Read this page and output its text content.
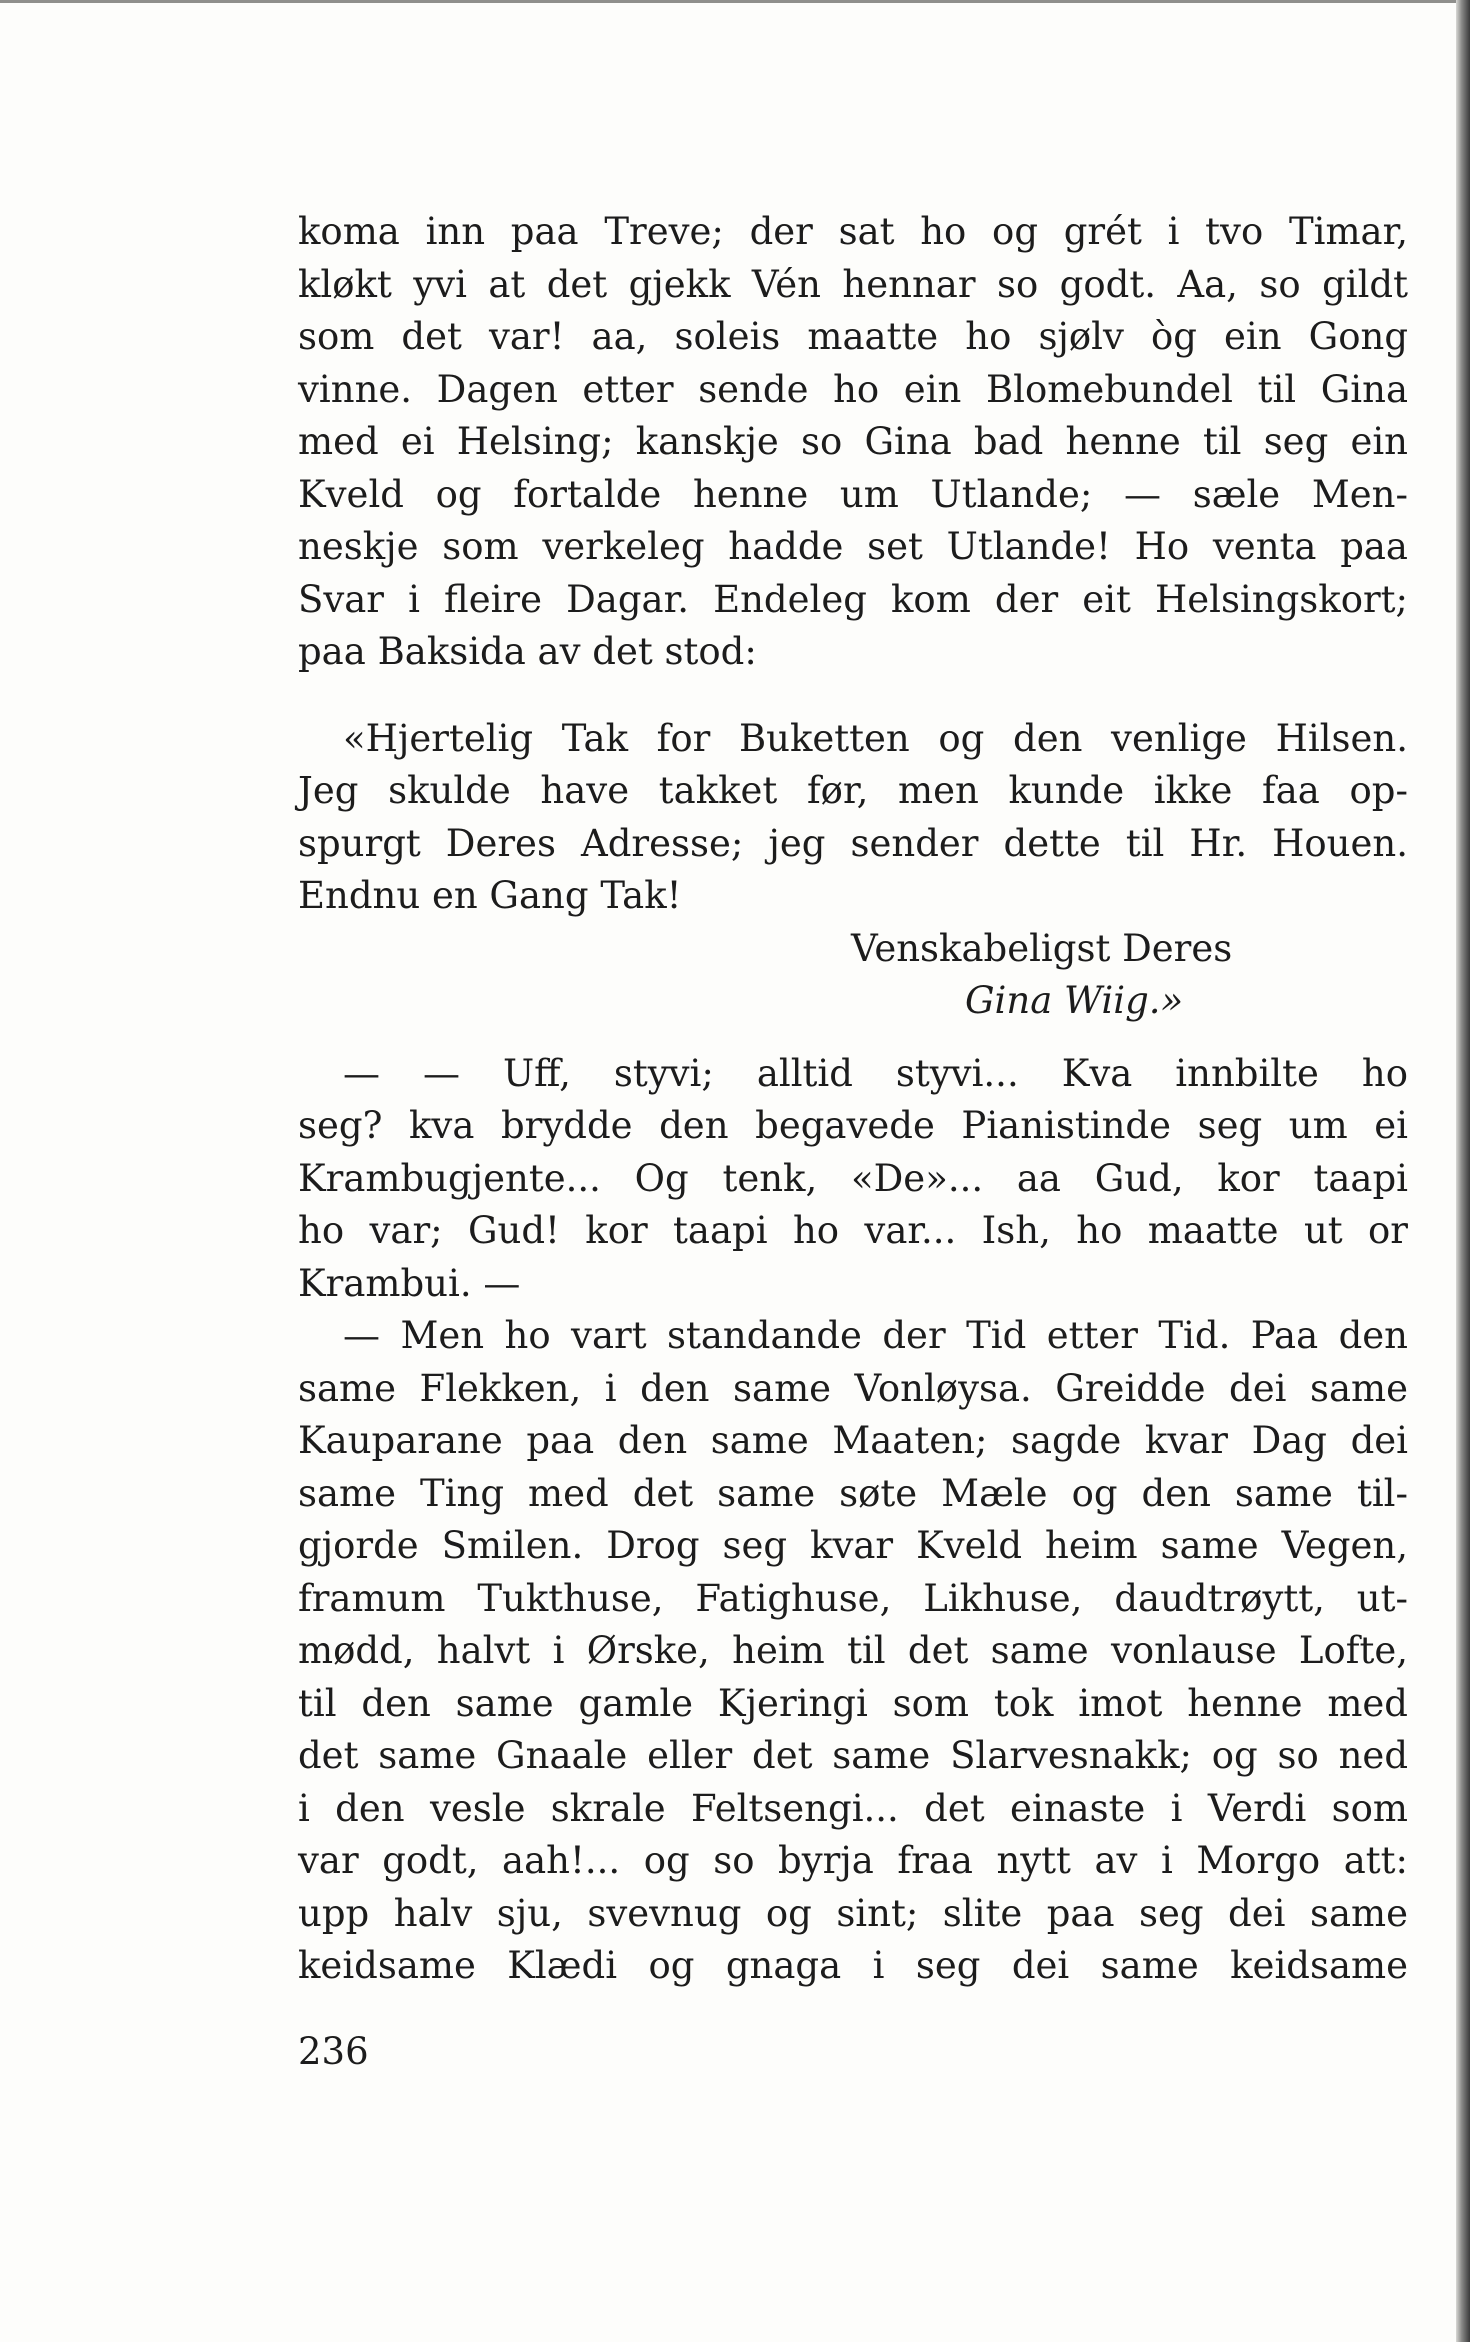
koma inn paa Treve; der sat ho og grét i tvo Timar,
kløkt yvi at det gjekk Vén hennar so godt. Aa, so gildt
som det var! aa, soleis maatte ho sjølv òg ein Gong
vinne. Dagen etter sende ho ein Blomebundel til Gina
med ei Helsing; kanskje so Gina bad henne til seg ein
Kveld og fortalde henne um Utlande; — sæle Men-
neskje som verkeleg hadde set Utlande! Ho venta paa
Svar i fleire Dagar. Endeleg kom der eit Helsingskort;
paa Baksida av det stod:
«Hjertelig Tak for Buketten og den venlige Hilsen.
Jeg skulde have takket før, men kunde ikke faa op-
spurgt Deres Adresse; jeg sender dette til Hr. Houen.
Endnu en Gang Tak!
Venskabeligst Deres
Gina Wiig.»
— — Uff, styvi; alltid styvi... Kva innbilte ho
seg? kva brydde den begavede Pianistinde seg um ei
Krambugjente... Og tenk, «De»... aa Gud, kor taapi
ho var; Gud! kor taapi ho var... Ish, ho maatte ut or
Krambui. —
— Men ho vart standande der Tid etter Tid. Paa den
same Flekken, i den same Vonløysa. Greidde dei same
Kauparane paa den same Maaten; sagde kvar Dag dei
same Ting med det same søte Mæle og den same til-
gjorde Smilen. Drog seg kvar Kveld heim same Vegen,
framum Tukthuse, Fatighuse, Likhuse, daudtrøytt, ut-
mødd, halvt i Ørske, heim til det same vonlause Lofte,
til den same gamle Kjeringi som tok imot henne med
det same Gnaale eller det same Slarvesnakk; og so ned
i den vesle skrale Feltsengi... det einaste i Verdi som
var godt, aah!... og so byrja fraa nytt av i Morgo att:
upp halv sju, svevnug og sint; slite paa seg dei same
keidsame Klædi og gnaga i seg dei same keidsame
236
